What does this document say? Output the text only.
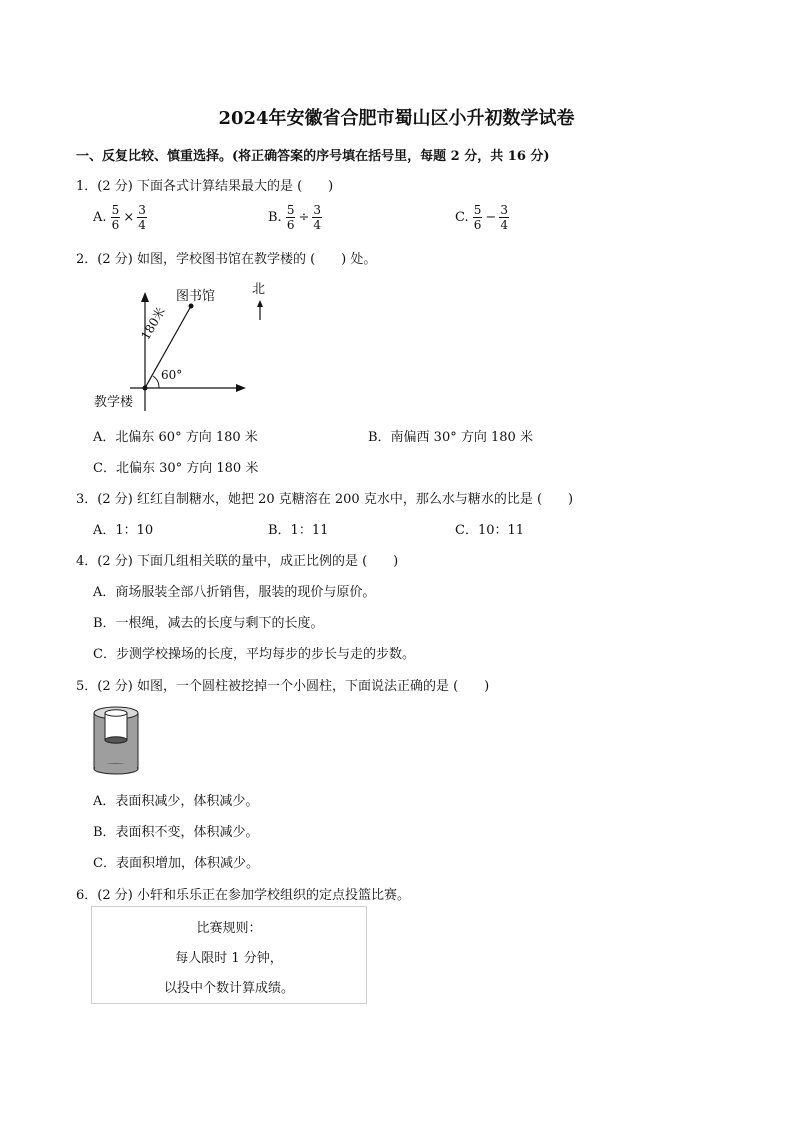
2024年安徽省合肥市蜀山区小升初数学试卷
一、反复比较、慎重选择。(将正确答案的序号填在括号里，每题 2 分，共 16 分)
1．(2 分) 下面各式计算结果最大的是 (　　)
A. $\frac{5}{6} \times \frac{3}{4}$	B. $\frac{5}{6} \div \frac{3}{4}$	C. $\frac{5}{6} - \frac{3}{4}$
2．(2 分) 如图，学校图书馆在教学楼的 (　　) 处。
图书馆	北
教学楼
60°
180米
A．北偏东 60° 方向 180 米	B．南偏西 30° 方向 180 米
C．北偏东 30° 方向 180 米
3．(2 分) 红红自制糖水，她把 20 克糖溶在 200 克水中，那么水与糖水的比是 (　　)
A．1：10	B．1：11	C．10：11
4．(2 分) 下面几组相关联的量中，成正比例的是 (　　)
A．商场服装全部八折销售，服装的现价与原价。
B．一根绳，减去的长度与剩下的长度。
C．步测学校操场的长度，平均每步的步长与走的步数。
5．(2 分) 如图，一个圆柱被挖掉一个小圆柱，下面说法正确的是 (　　)
A．表面积减少，体积减少。
B．表面积不变，体积减少。
C．表面积增加，体积减少。
6．(2 分) 小轩和乐乐正在参加学校组织的定点投篮比赛。
比赛规则：
每人限时 1 分钟，
以投中个数计算成绩。
